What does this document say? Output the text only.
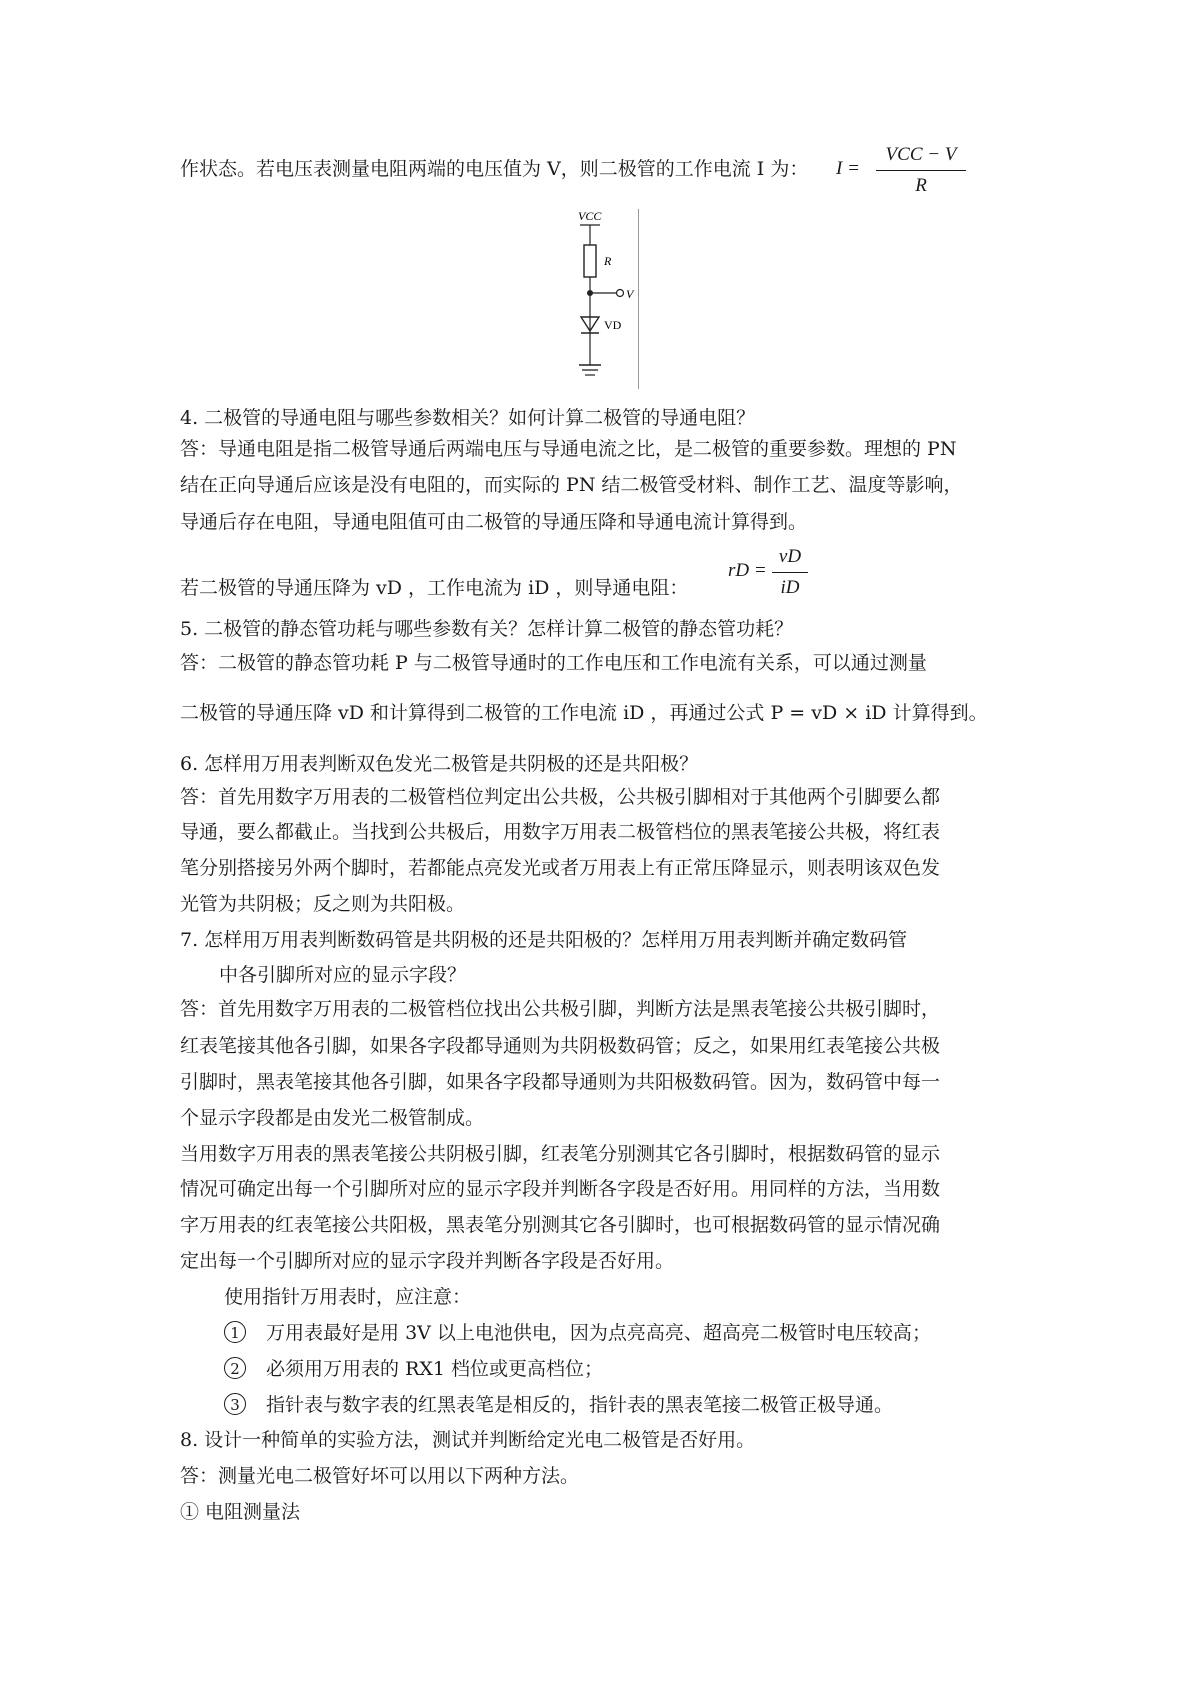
作状态。若电压表测量电阻两端的电压值为 V，则二极管的工作电流 I 为：
VCC − V
R
I =
VCC
R
V
VD
4. 二极管的导通电阻与哪些参数相关？如何计算二极管的导通电阻？
答：导通电阻是指二极管导通后两端电压与导通电流之比，是二极管的重要参数。理想的 PN
结在正向导通后应该是没有电阻的，而实际的 PN 结二极管受材料、制作工艺、温度等影响，
导通后存在电阻，导通电阻值可由二极管的导通压降和导通电流计算得到。
若二极管的导通压降为 vD ，工作电流为 iD ，则导通电阻：
rD =
vD
iD
5. 二极管的静态管功耗与哪些参数有关？怎样计算二极管的静态管功耗？
答：二极管的静态管功耗 P 与二极管导通时的工作电压和工作电流有关系，可以通过测量
二极管的导通压降 vD 和计算得到二极管的工作电流 iD ，再通过公式 P = vD × iD 计算得到。
6. 怎样用万用表判断双色发光二极管是共阴极的还是共阳极？
答：首先用数字万用表的二极管档位判定出公共极，公共极引脚相对于其他两个引脚要么都
导通，要么都截止。当找到公共极后，用数字万用表二极管档位的黑表笔接公共极，将红表
笔分别搭接另外两个脚时，若都能点亮发光或者万用表上有正常压降显示，则表明该双色发
光管为共阴极；反之则为共阳极。
7. 怎样用万用表判断数码管是共阴极的还是共阳极的？怎样用万用表判断并确定数码管
中各引脚所对应的显示字段？
答：首先用数字万用表的二极管档位找出公共极引脚，判断方法是黑表笔接公共极引脚时，
红表笔接其他各引脚，如果各字段都导通则为共阴极数码管；反之，如果用红表笔接公共极
引脚时，黑表笔接其他各引脚，如果各字段都导通则为共阳极数码管。因为，数码管中每一
个显示字段都是由发光二极管制成。
当用数字万用表的黑表笔接公共阴极引脚，红表笔分别测其它各引脚时，根据数码管的显示
情况可确定出每一个引脚所对应的显示字段并判断各字段是否好用。用同样的方法，当用数
字万用表的红表笔接公共阳极，黑表笔分别测其它各引脚时，也可根据数码管的显示情况确
定出每一个引脚所对应的显示字段并判断各字段是否好用。
使用指针万用表时，应注意：
1 万用表最好是用 3V 以上电池供电，因为点亮高亮、超高亮二极管时电压较高；
2 必须用万用表的 RX1 档位或更高档位；
3 指针表与数字表的红黑表笔是相反的，指针表的黑表笔接二极管正极导通。
8. 设计一种简单的实验方法，测试并判断给定光电二极管是否好用。
答：测量光电二极管好坏可以用以下两种方法。
① 电阻测量法
